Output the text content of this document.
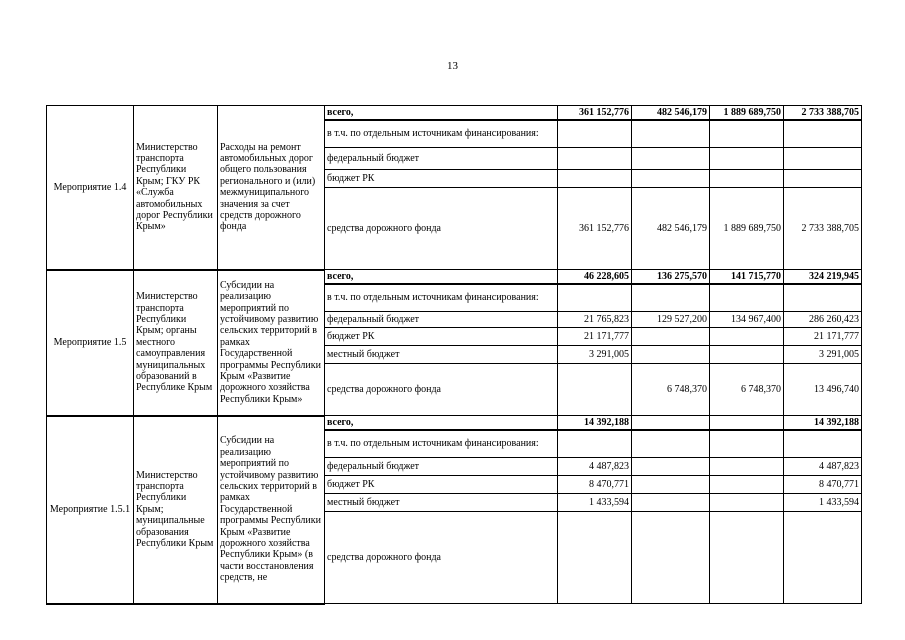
13
Мероприятие 1.4	Министерство транспорта Республики Крым; ГКУ РК «Служба автомобильных дорог Республики Крым»	Расходы на ремонт автомобильных дорог общего пользования регионального и (или) межмуниципального значения за счет средств дорожного фонда	всего,	361 152,776	482 546,179	1 889 689,750	2 733 388,705
			в т.ч. по отдельным источникам финансирования:				
			федеральный бюджет				
			бюджет РК				
			средства дорожного фонда	361 152,776	482 546,179	1 889 689,750	2 733 388,705
Мероприятие 1.5	Министерство транспорта Республики Крым; органы местного самоуправления муниципальных образований в Республике Крым	Субсидии на реализацию мероприятий по устойчивому развитию сельских территорий в рамках Государственной программы Республики Крым «Развитие дорожного хозяйства Республики Крым»	всего,	46 228,605	136 275,570	141 715,770	324 219,945
			в т.ч. по отдельным источникам финансирования:				
			федеральный бюджет	21 765,823	129 527,200	134 967,400	286 260,423
			бюджет РК	21 171,777			21 171,777
			местный бюджет	3 291,005			3 291,005
			средства дорожного фонда		6 748,370	6 748,370	13 496,740
Мероприятие 1.5.1	Министерство транспорта Республики Крым; муниципальные образования Республики Крым	Субсидии на реализацию мероприятий по устойчивому развитию сельских территорий в рамках Государственной программы Республики Крым «Развитие дорожного хозяйства Республики Крым» (в части восстановления средств, не	всего,	14 392,188			14 392,188
			в т.ч. по отдельным источникам финансирования:				
			федеральный бюджет	4 487,823			4 487,823
			бюджет РК	8 470,771			8 470,771
			местный бюджет	1 433,594			1 433,594
			средства дорожного фонда				
